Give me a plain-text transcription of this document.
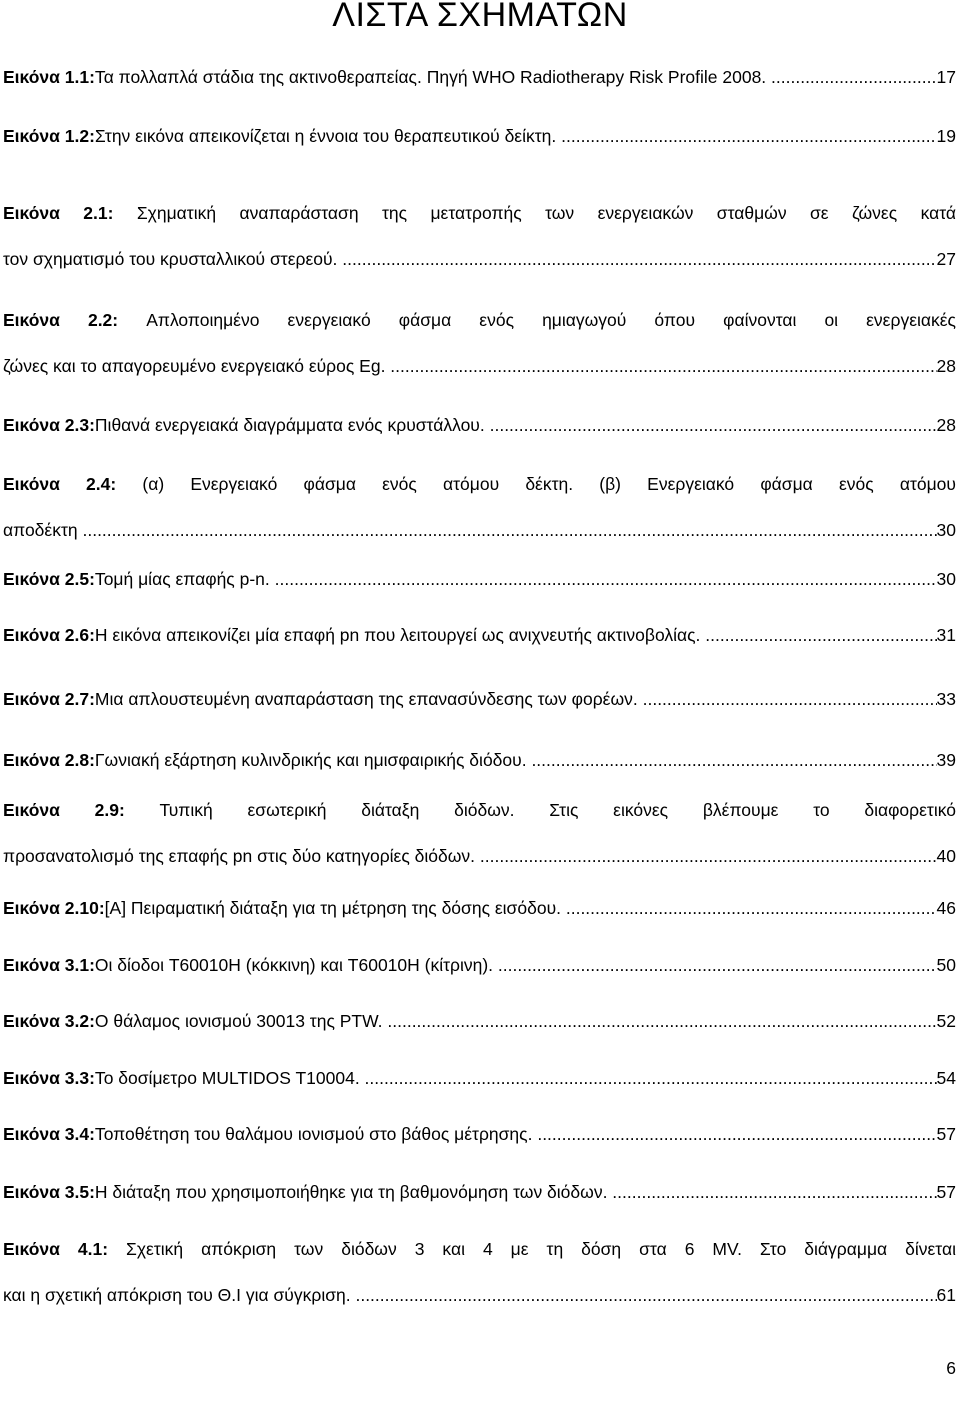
ΛΙΣΤΑ ΣΧΗΜΑΤΩΝ
Εικόνα 1.1 : Τα πολλαπλά στάδια της ακτινοθεραπείας. Πηγή WHO Radiotherapy Risk Profile 2008. .....	17
Εικόνα 1.2 : Στην εικόνα απεικονίζεται η έννοια του θεραπευτικού δείκτη. .....	19
Εικόνα 2.1: Σχηματική αναπαράσταση της μετατροπής των ενεργειακών σταθμών σε ζώνες κατά
τον σχηματισμό του κρυσταλλικού στερεού. .....	27
Εικόνα 2.2: Απλοποιημένο ενεργειακό φάσμα ενός ημιαγωγού όπου φαίνονται οι ενεργειακές
ζώνες και το απαγορευμένο ενεργειακό εύρος Eg. .....	28
Εικόνα 2.3 : Πιθανά ενεργειακά διαγράμματα ενός κρυστάλλου. .....	28
Εικόνα 2.4: (α) Ενεργειακό φάσμα ενός ατόμου δέκτη. (β) Ενεργειακό φάσμα ενός ατόμου
αποδέκτη .....	30
Εικόνα 2.5 : Τομή μίας επαφής p-n. .....	30
Εικόνα 2.6 : Η εικόνα απεικονίζει μία επαφή pn που λειτουργεί ως ανιχνευτής ακτινοβολίας. .....	31
Εικόνα 2.7 : Μια απλουστευμένη αναπαράσταση της επανασύνδεσης των φορέων. .....	33
Εικόνα 2.8 : Γωνιακή εξάρτηση κυλινδρικής και ημισφαιρικής διόδου. .....	39
Εικόνα 2.9: Τυπική εσωτερική διάταξη διόδων. Στις εικόνες βλέπουμε το διαφορετικό
προσανατολισμό της επαφής pn στις δύο κατηγορίες διόδων. .....	40
Εικόνα 2.10 : [Α] Πειραματική διάταξη για τη μέτρηση της δόσης εισόδου. .....	46
Εικόνα 3.1 : Οι δίοδοι T60010H (κόκκινη) και T60010H (κίτρινη). .....	50
Εικόνα 3.2 : Ο θάλαμος ιονισμού 30013 της PTW. .....	52
Εικόνα 3.3 : Το δοσίμετρο MULTIDOS T10004. .....	54
Εικόνα 3.4 : Τοποθέτηση του θαλάμου ιονισμού στο βάθος μέτρησης. .....	57
Εικόνα 3.5 : Η διάταξη που χρησιμοποιήθηκε για τη βαθμονόμηση των διόδων. .....	57
Εικόνα 4.1: Σχετική απόκριση των διόδων 3 και 4 με τη δόση στα 6 MV. Στο διάγραμμα δίνεται
και η σχετική απόκριση του Θ.Ι για σύγκριση. .....	61
6
